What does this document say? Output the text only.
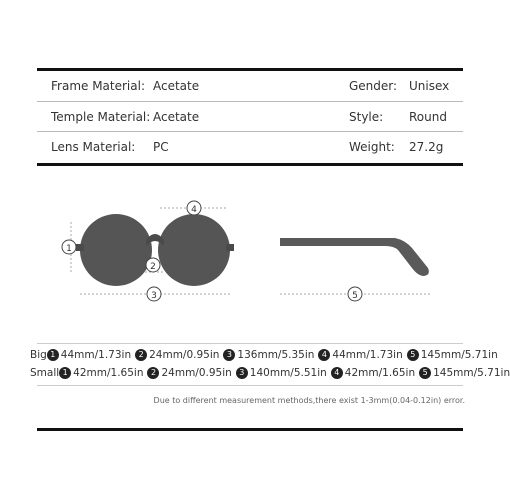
Frame Material: Acetate	Gender: Unisex
Temple Material: Acetate	Style: Round
Lens Material: PC	Weight: 27.2g
1
2
3
4
5
Big 1 44mm/1.73in 2 24mm/0.95in 3 136mm/5.35in 4 44mm/1.73in 5 145mm/5.71in
Small 1 42mm/1.65in 2 24mm/0.95in 3 140mm/5.51in 4 42mm/1.65in 5 145mm/5.71in
Due to different measurement methods,there exist 1-3mm(0.04-0.12in) error.
